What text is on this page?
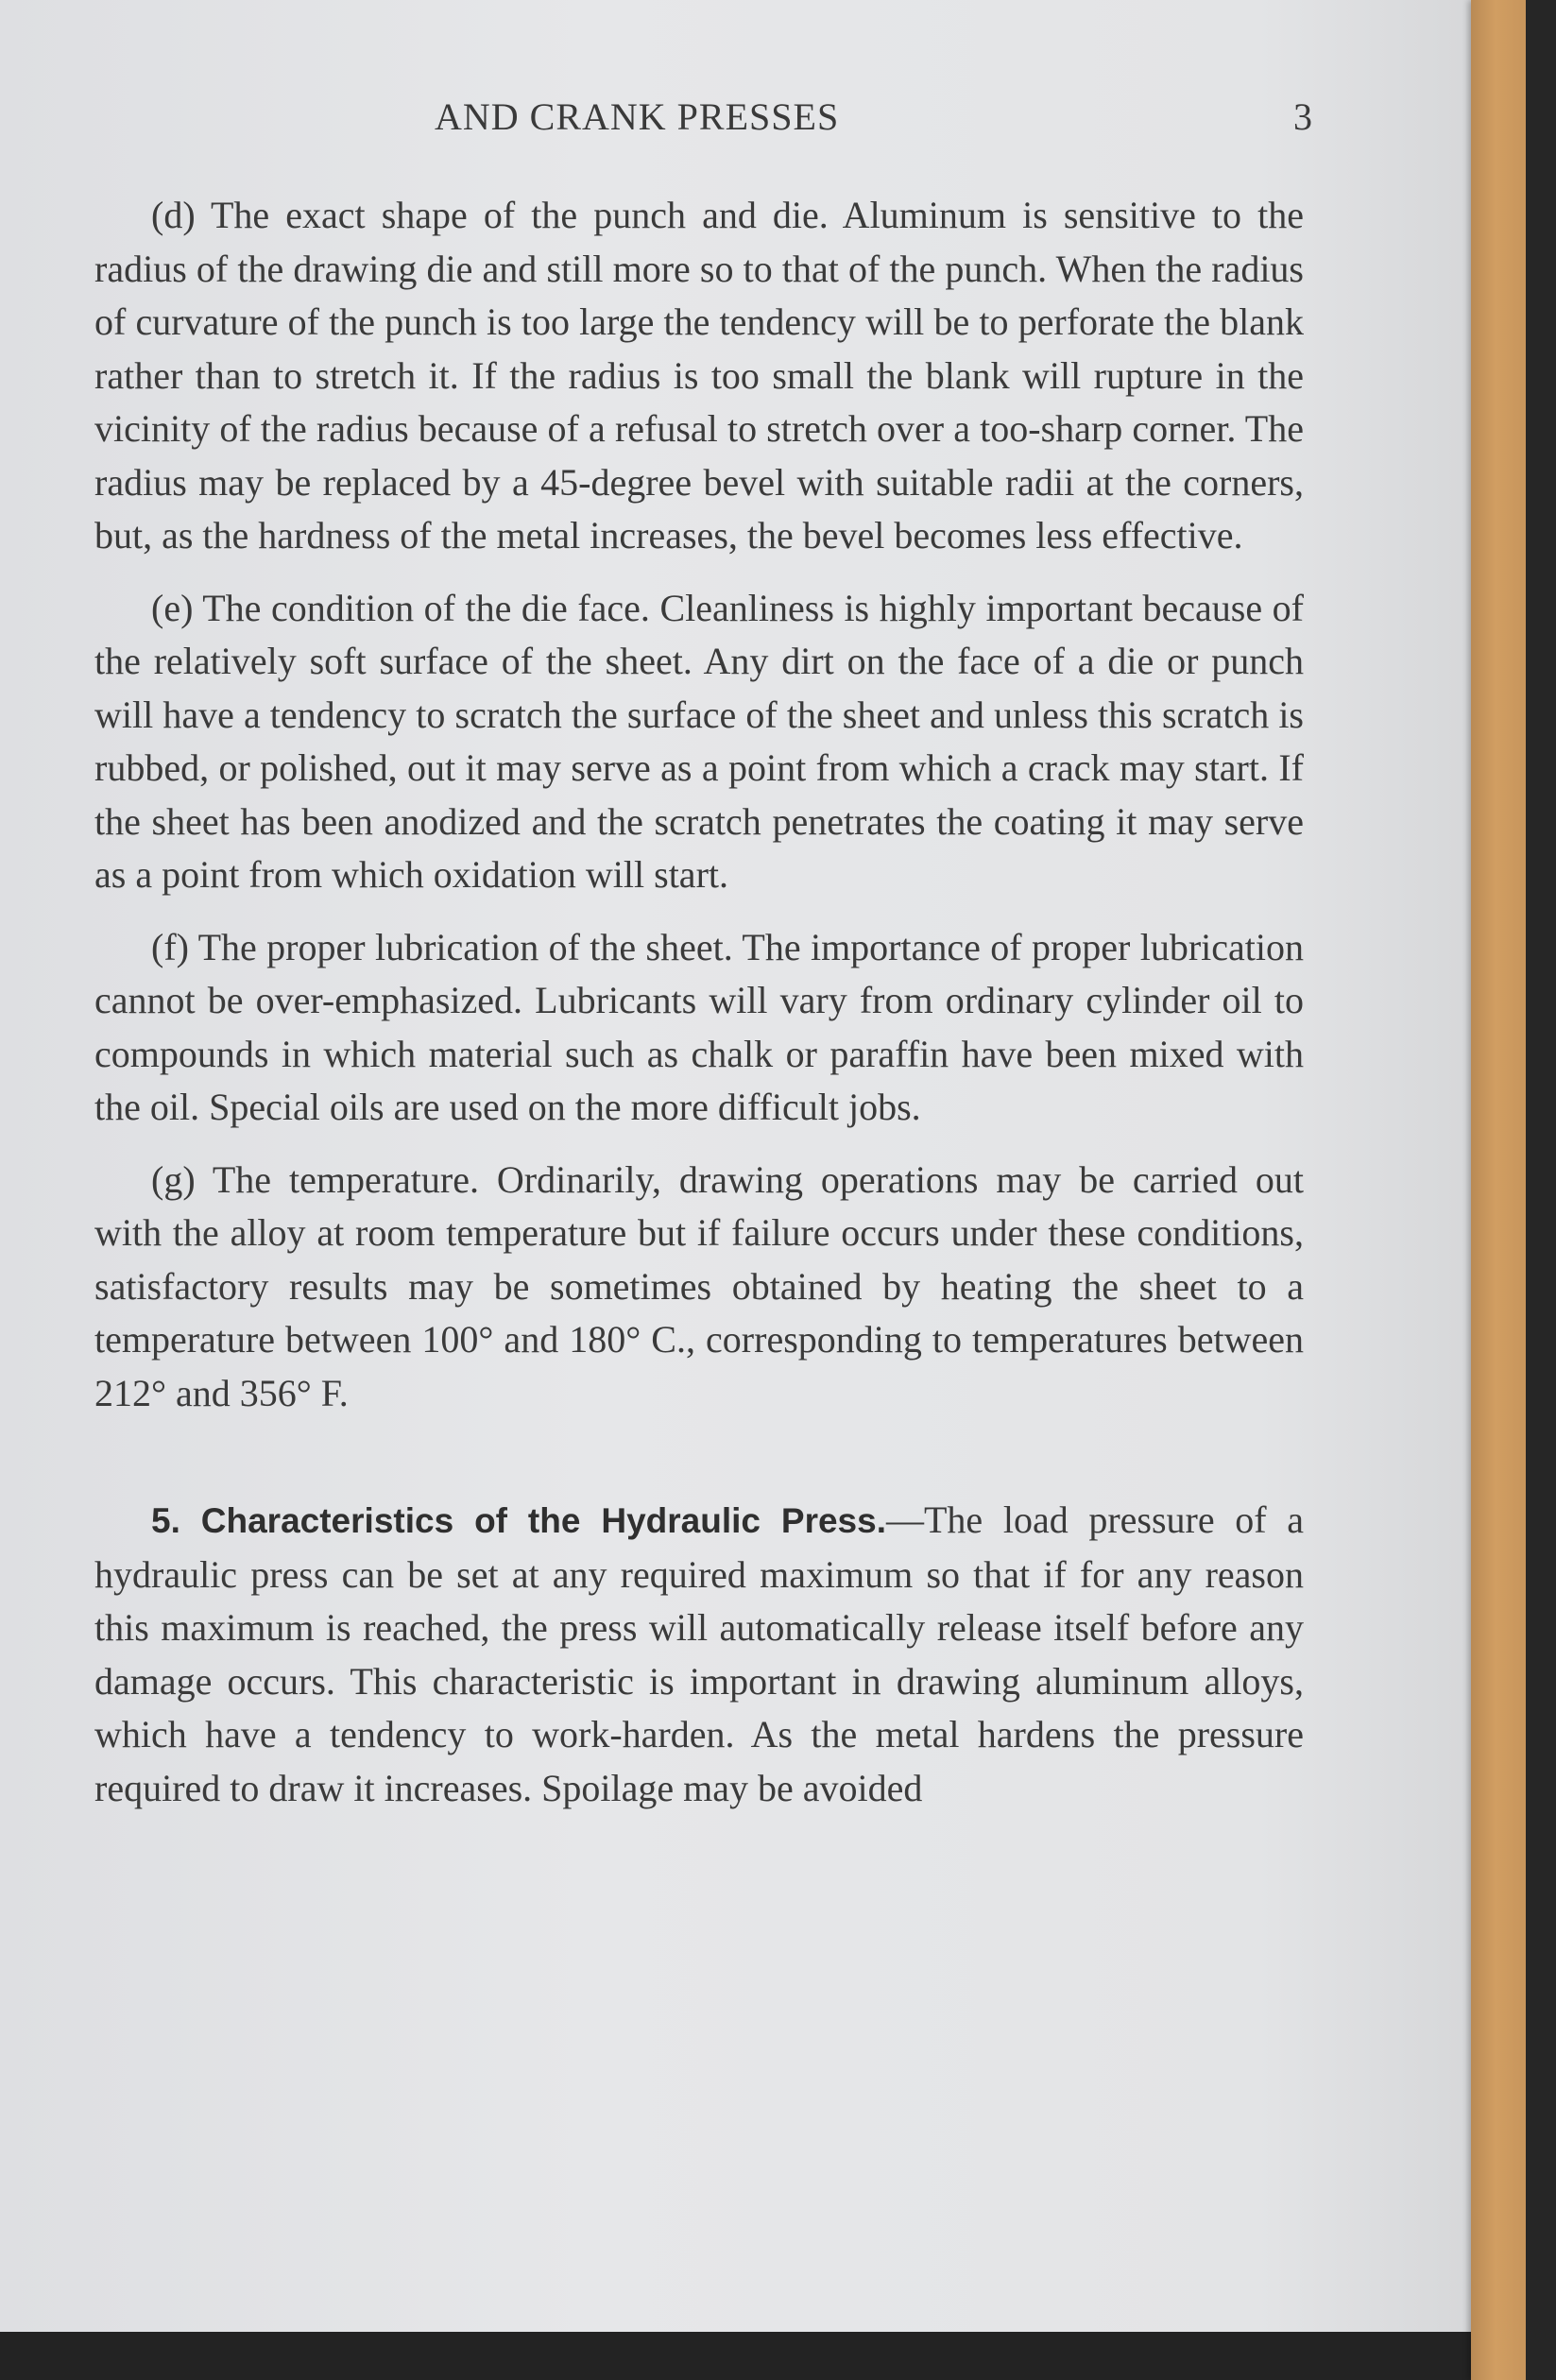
AND CRANK PRESSES	3

(d) The exact shape of the punch and die. Aluminum is sensitive to the radius of the drawing die and still more so to that of the punch. When the radius of curvature of the punch is too large the tendency will be to perforate the blank rather than to stretch it. If the radius is too small the blank will rupture in the vicinity of the radius because of a refusal to stretch over a too-sharp corner. The radius may be replaced by a 45-degree bevel with suitable radii at the corners, but, as the hardness of the metal increases, the bevel becomes less effective.

(e) The condition of the die face. Cleanliness is highly important because of the relatively soft surface of the sheet. Any dirt on the face of a die or punch will have a tendency to scratch the surface of the sheet and unless this scratch is rubbed, or polished, out it may serve as a point from which a crack may start. If the sheet has been anodized and the scratch penetrates the coating it may serve as a point from which oxidation will start.

(f) The proper lubrication of the sheet. The importance of proper lubrication cannot be over-emphasized. Lubricants will vary from ordinary cylinder oil to compounds in which material such as chalk or paraffin have been mixed with the oil. Special oils are used on the more difficult jobs.

(g) The temperature. Ordinarily, drawing operations may be carried out with the alloy at room temperature but if failure occurs under these conditions, satisfactory results may be sometimes obtained by heating the sheet to a temperature between 100° and 180° C., corresponding to temperatures between 212° and 356° F.

5. Characteristics of the Hydraulic Press.—The load pressure of a hydraulic press can be set at any required maximum so that if for any reason this maximum is reached, the press will automatically release itself before any damage occurs. This characteristic is important in drawing aluminum alloys, which have a tendency to work-harden. As the metal hardens the pressure required to draw it increases. Spoilage may be avoided
